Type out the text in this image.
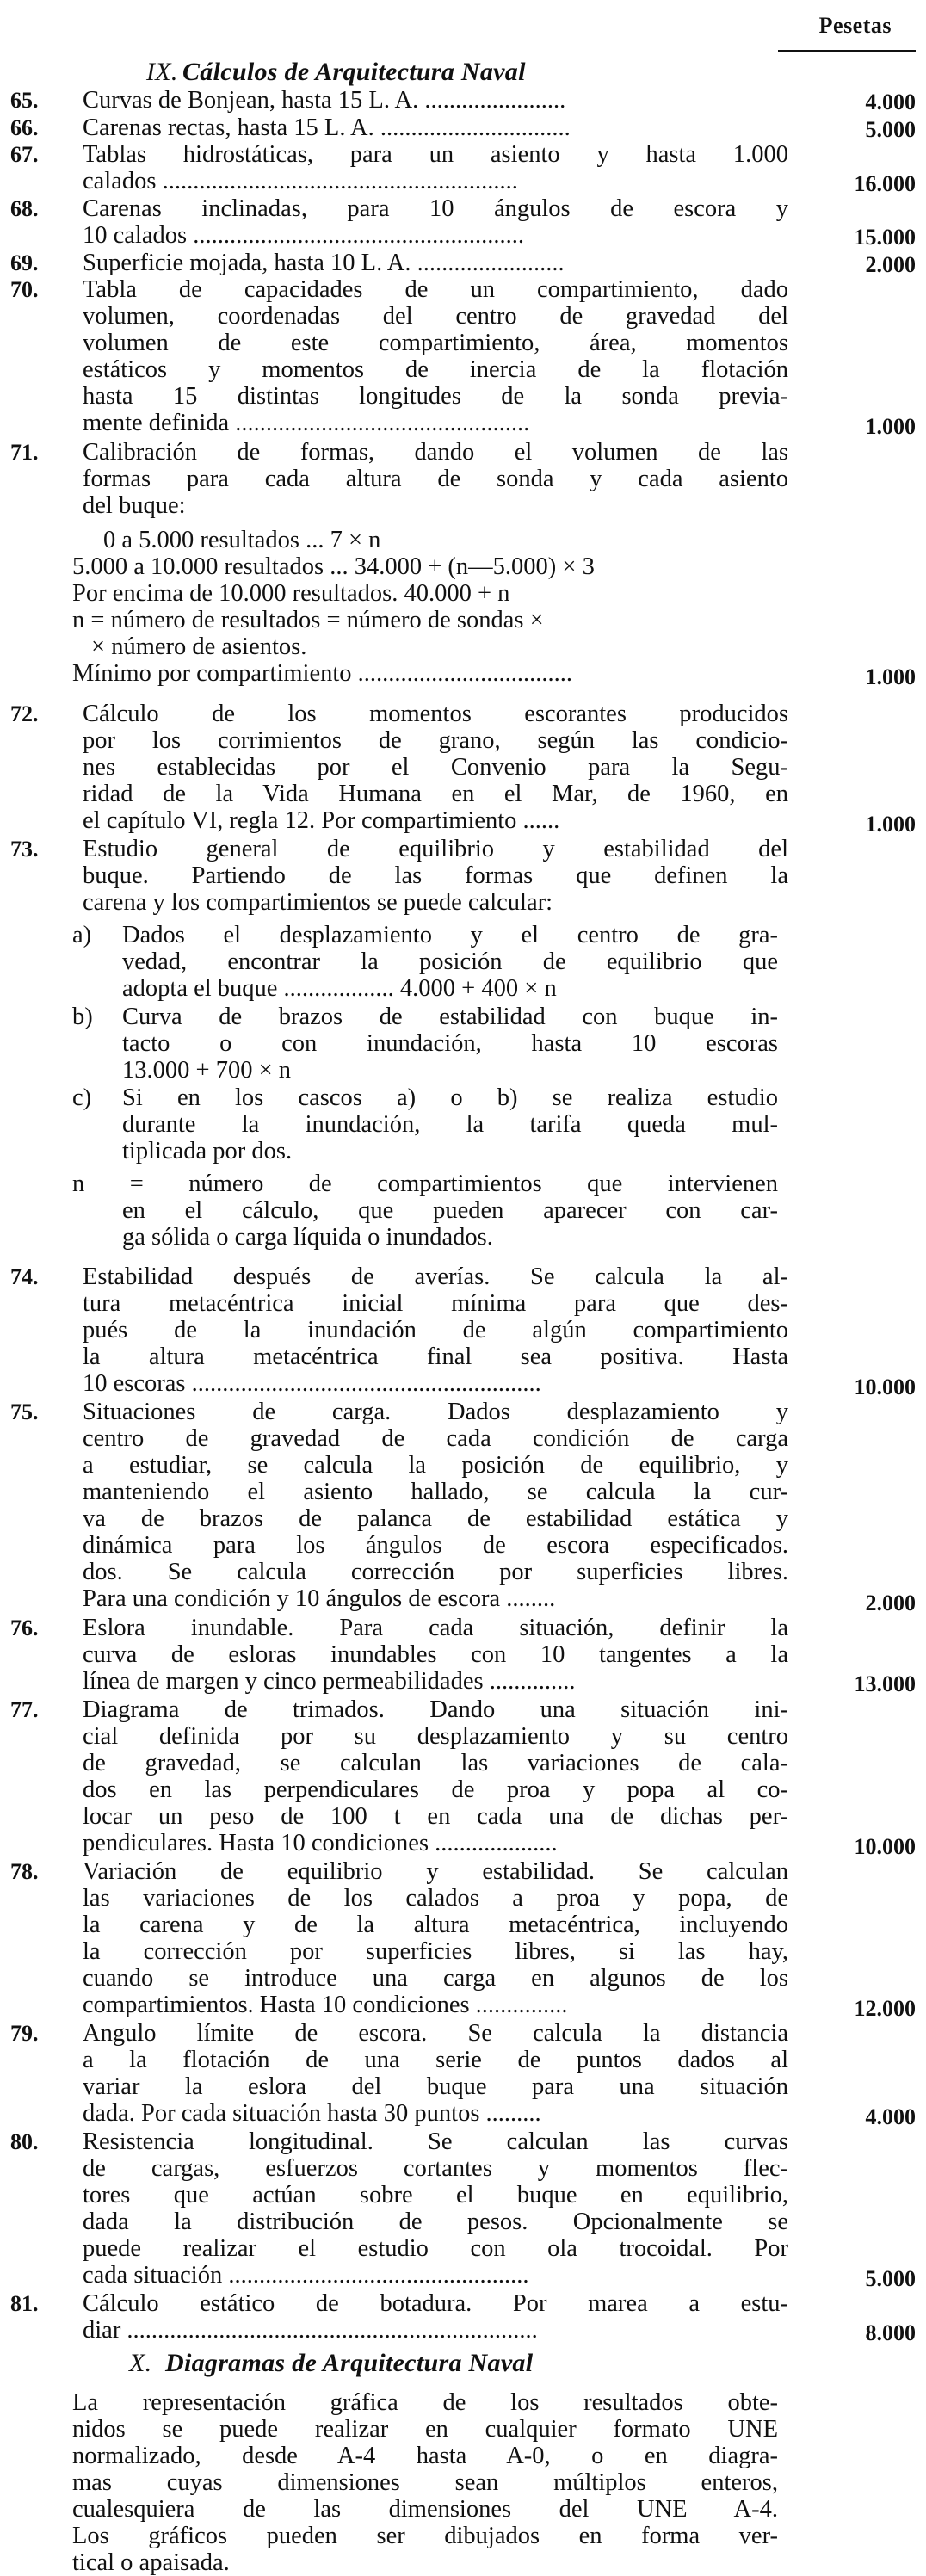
Pesetas
IX. Cálculos de Arquitectura Naval
65. Curvas de Bonjean, hasta 15 L. A. .......................	4.000
66. Carenas rectas, hasta 15 L. A. ...............................	5.000
67. Tablas hidrostáticas, para un asiento y hasta 1.000
calados ..........................................................	16.000
68. Carenas inclinadas, para 10 ángulos de escora y
10 calados ......................................................	15.000
69. Superficie mojada, hasta 10 L. A. ........................	2.000
70. Tabla de capacidades de un compartimiento, dado
volumen, coordenadas del centro de gravedad del
volumen de este compartimiento, área, momentos
estáticos y momentos de inercia de la flotación
hasta 15 distintas longitudes de la sonda previa-
mente definida ................................................	1.000
71. Calibración de formas, dando el volumen de las
formas para cada altura de sonda y cada asiento
del buque:
0 a 5.000 resultados ... 7 × n
5.000 a 10.000 resultados ... 34.000 + (n—5.000) × 3
Por encima de 10.000 resultados. 40.000 + n
n = número de resultados = número de sondas ×
× número de asientos.
Mínimo por compartimiento ...................................	1.000
72. Cálculo de los momentos escorantes producidos
por los corrimientos de grano, según las condicio-
nes establecidas por el Convenio para la Segu-
ridad de la Vida Humana en el Mar, de 1960, en
el capítulo VI, regla 12. Por compartimiento ......	1.000
73. Estudio general de equilibrio y estabilidad del
buque. Partiendo de las formas que definen la
carena y los compartimientos se puede calcular:
a) Dados el desplazamiento y el centro de gra-
vedad, encontrar la posición de equilibrio que
adopta el buque .................. 4.000 + 400 × n
b) Curva de brazos de estabilidad con buque in-
tacto o con inundación, hasta 10 escoras
13.000 + 700 × n
c) Si en los cascos a) o b) se realiza estudio
durante la inundación, la tarifa queda mul-
tiplicada por dos.
n = número de compartimientos que intervienen
en el cálculo, que pueden aparecer con car-
ga sólida o carga líquida o inundados.
74. Estabilidad después de averías. Se calcula la al-
tura metacéntrica inicial mínima para que des-
pués de la inundación de algún compartimiento
la altura metacéntrica final sea positiva. Hasta
10 escoras .........................................................	10.000
75. Situaciones de carga. Dados desplazamiento y
centro de gravedad de cada condición de carga
a estudiar, se calcula la posición de equilibrio, y
manteniendo el asiento hallado, se calcula la cur-
va de brazos de palanca de estabilidad estática y
dinámica para los ángulos de escora especificados.
dos. Se calcula corrección por superficies libres.
Para una condición y 10 ángulos de escora ........	2.000
76. Eslora inundable. Para cada situación, definir la
curva de esloras inundables con 10 tangentes a la
línea de margen y cinco permeabilidades ..............	13.000
77. Diagrama de trimados. Dando una situación ini-
cial definida por su desplazamiento y su centro
de gravedad, se calculan las variaciones de cala-
dos en las perpendiculares de proa y popa al co-
locar un peso de 100 t en cada una de dichas per-
pendiculares. Hasta 10 condiciones ....................	10.000
78. Variación de equilibrio y estabilidad. Se calculan
las variaciones de los calados a proa y popa, de
la carena y de la altura metacéntrica, incluyendo
la corrección por superficies libres, si las hay,
cuando se introduce una carga en algunos de los
compartimientos. Hasta 10 condiciones ...............	12.000
79. Angulo límite de escora. Se calcula la distancia
a la flotación de una serie de puntos dados al
variar la eslora del buque para una situación
dada. Por cada situación hasta 30 puntos .........	4.000
80. Resistencia longitudinal. Se calculan las curvas
de cargas, esfuerzos cortantes y momentos flec-
tores que actúan sobre el buque en equilibrio,
dada la distribución de pesos. Opcionalmente se
puede realizar el estudio con ola trocoidal. Por
cada situación .................................................	5.000
81. Cálculo estático de botadura. Por marea a estu-
diar ...................................................................	8.000
X. Diagramas de Arquitectura Naval
La representación gráfica de los resultados obte-
nidos se puede realizar en cualquier formato UNE
normalizado, desde A-4 hasta A-0, o en diagra-
mas cuyas dimensiones sean múltiplos enteros,
cualesquiera de las dimensiones del UNE A-4.
Los gráficos pueden ser dibujados en forma ver-
tical o apaisada.
